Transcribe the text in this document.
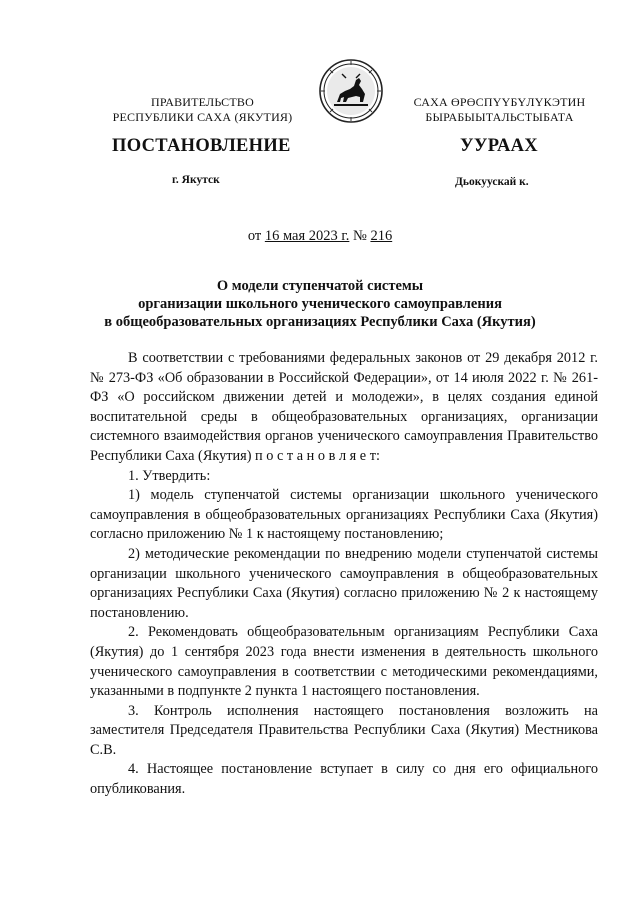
ПРАВИТЕЛЬСТВО
РЕСПУБЛИКИ САХА (ЯКУТИЯ)
САХА ӨРӨСПҮҮБҮЛҮКЭТИН
БЫРАБЫЫТАЛЬСТЫБАТА
ПОСТАНОВЛЕНИЕ	УУРААХ
г. Якутск	Дьокуускай к.
от 16 мая 2023 г. № 216
О модели ступенчатой системы
организации школьного ученического самоуправления
в общеобразовательных организациях Республики Саха (Якутия)

В соответствии с требованиями федеральных законов от 29 декабря 2012 г. № 273-ФЗ «Об образовании в Российской Федерации», от 14 июля 2022 г. № 261-ФЗ «О российском движении детей и молодежи», в целях создания единой воспитательной среды в общеобразовательных организациях, организации системного взаимодействия органов ученического самоуправления Правительство Республики Саха (Якутия) п о с т а н о в л я е т:

1. Утвердить:

1) модель ступенчатой системы организации школьного ученического самоуправления в общеобразовательных организациях Республики Саха (Якутия) согласно приложению № 1 к настоящему постановлению;

2) методические рекомендации по внедрению модели ступенчатой системы организации школьного ученического самоуправления в общеобразовательных организациях Республики Саха (Якутия) согласно приложению № 2 к настоящему постановлению.

2. Рекомендовать общеобразовательным организациям Республики Саха (Якутия) до 1 сентября 2023 года внести изменения в деятельность школьного ученического самоуправления в соответствии с методическими рекомендациями, указанными в подпункте 2 пункта 1 настоящего постановления.

3. Контроль исполнения настоящего постановления возложить на заместителя Председателя Правительства Республики Саха (Якутия) Местникова С.В.

4. Настоящее постановление вступает в силу со дня его официального опубликования.
